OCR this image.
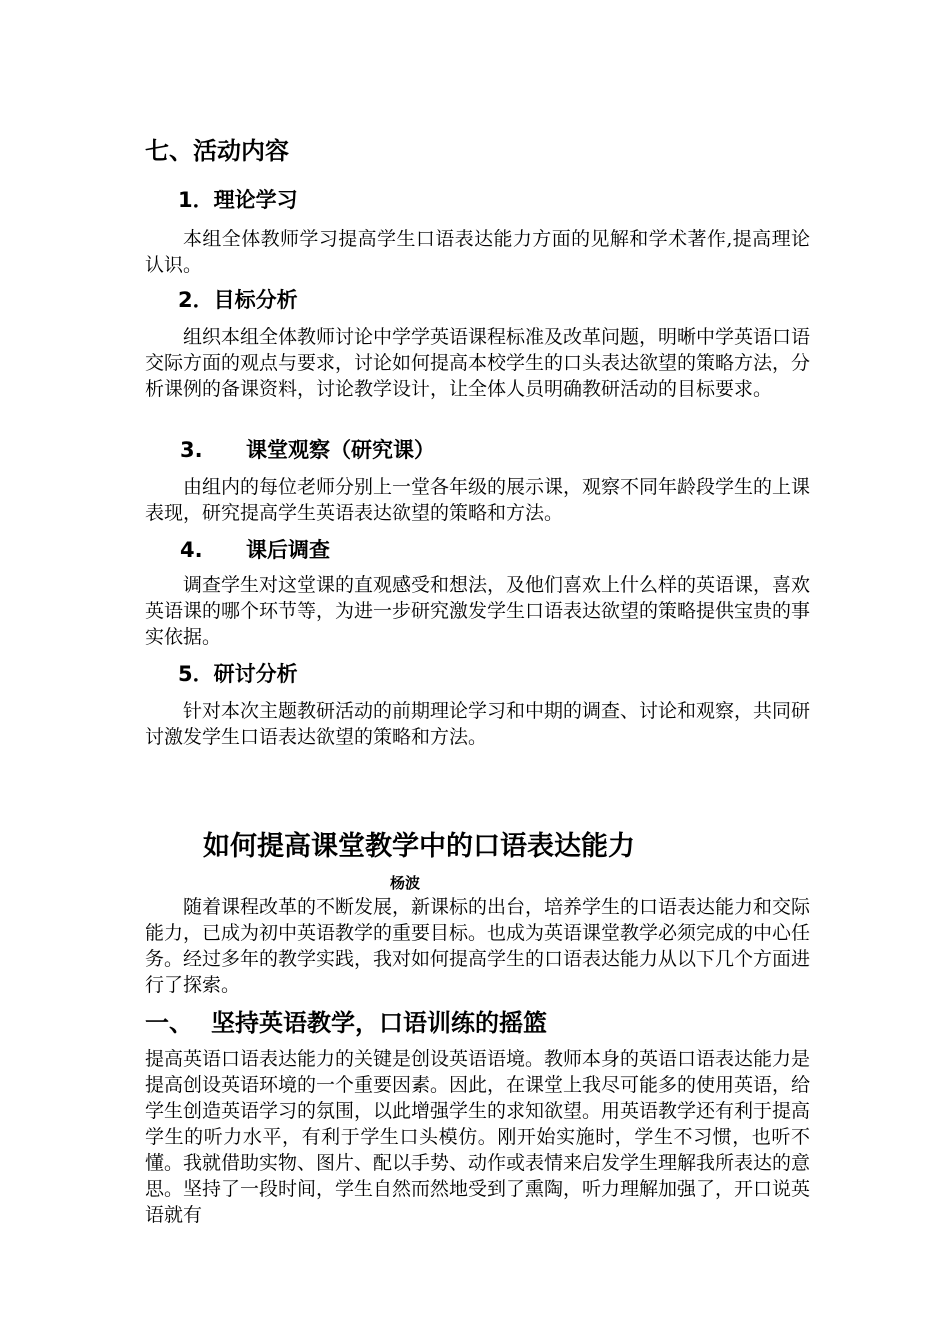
七、活动内容
1．理论学习

本组全体教师学习提高学生口语表达能力方面的见解和学术著作,提高理论认识。

2．目标分析

组织本组全体教师讨论中学学英语课程标准及改革问题，明晰中学英语口语交际方面的观点与要求，讨论如何提高本校学生的口头表达欲望的策略方法，分析课例的备课资料，讨论教学设计，让全体人员明确教研活动的目标要求。

3. 课堂观察（研究课）

由组内的每位老师分别上一堂各年级的展示课，观察不同年龄段学生的上课表现，研究提高学生英语表达欲望的策略和方法。

4. 课后调查

调查学生对这堂课的直观感受和想法，及他们喜欢上什么样的英语课，喜欢英语课的哪个环节等，为进一步研究激发学生口语表达欲望的策略提供宝贵的事实依据。

5．研讨分析

针对本次主题教研活动的前期理论学习和中期的调查、讨论和观察，共同研讨激发学生口语表达欲望的策略和方法。

如何提高课堂教学中的口语表达能力
杨波

随着课程改革的不断发展，新课标的出台，培养学生的口语表达能力和交际能力，已成为初中英语教学的重要目标。也成为英语课堂教学必须完成的中心任务。经过多年的教学实践，我对如何提高学生的口语表达能力从以下几个方面进行了探索。

一、 坚持英语教学，口语训练的摇篮

提高英语口语表达能力的关键是创设英语语境。教师本身的英语口语表达能力是提高创设英语环境的一个重要因素。因此，在课堂上我尽可能多的使用英语，给学生创造英语学习的氛围，以此增强学生的求知欲望。用英语教学还有利于提高学生的听力水平，有利于学生口头模仿。刚开始实施时，学生不习惯，也听不懂。我就借助实物、图片、配以手势、动作或表情来启发学生理解我所表达的意思。坚持了一段时间，学生自然而然地受到了熏陶，听力理解加强了，开口说英语就有
